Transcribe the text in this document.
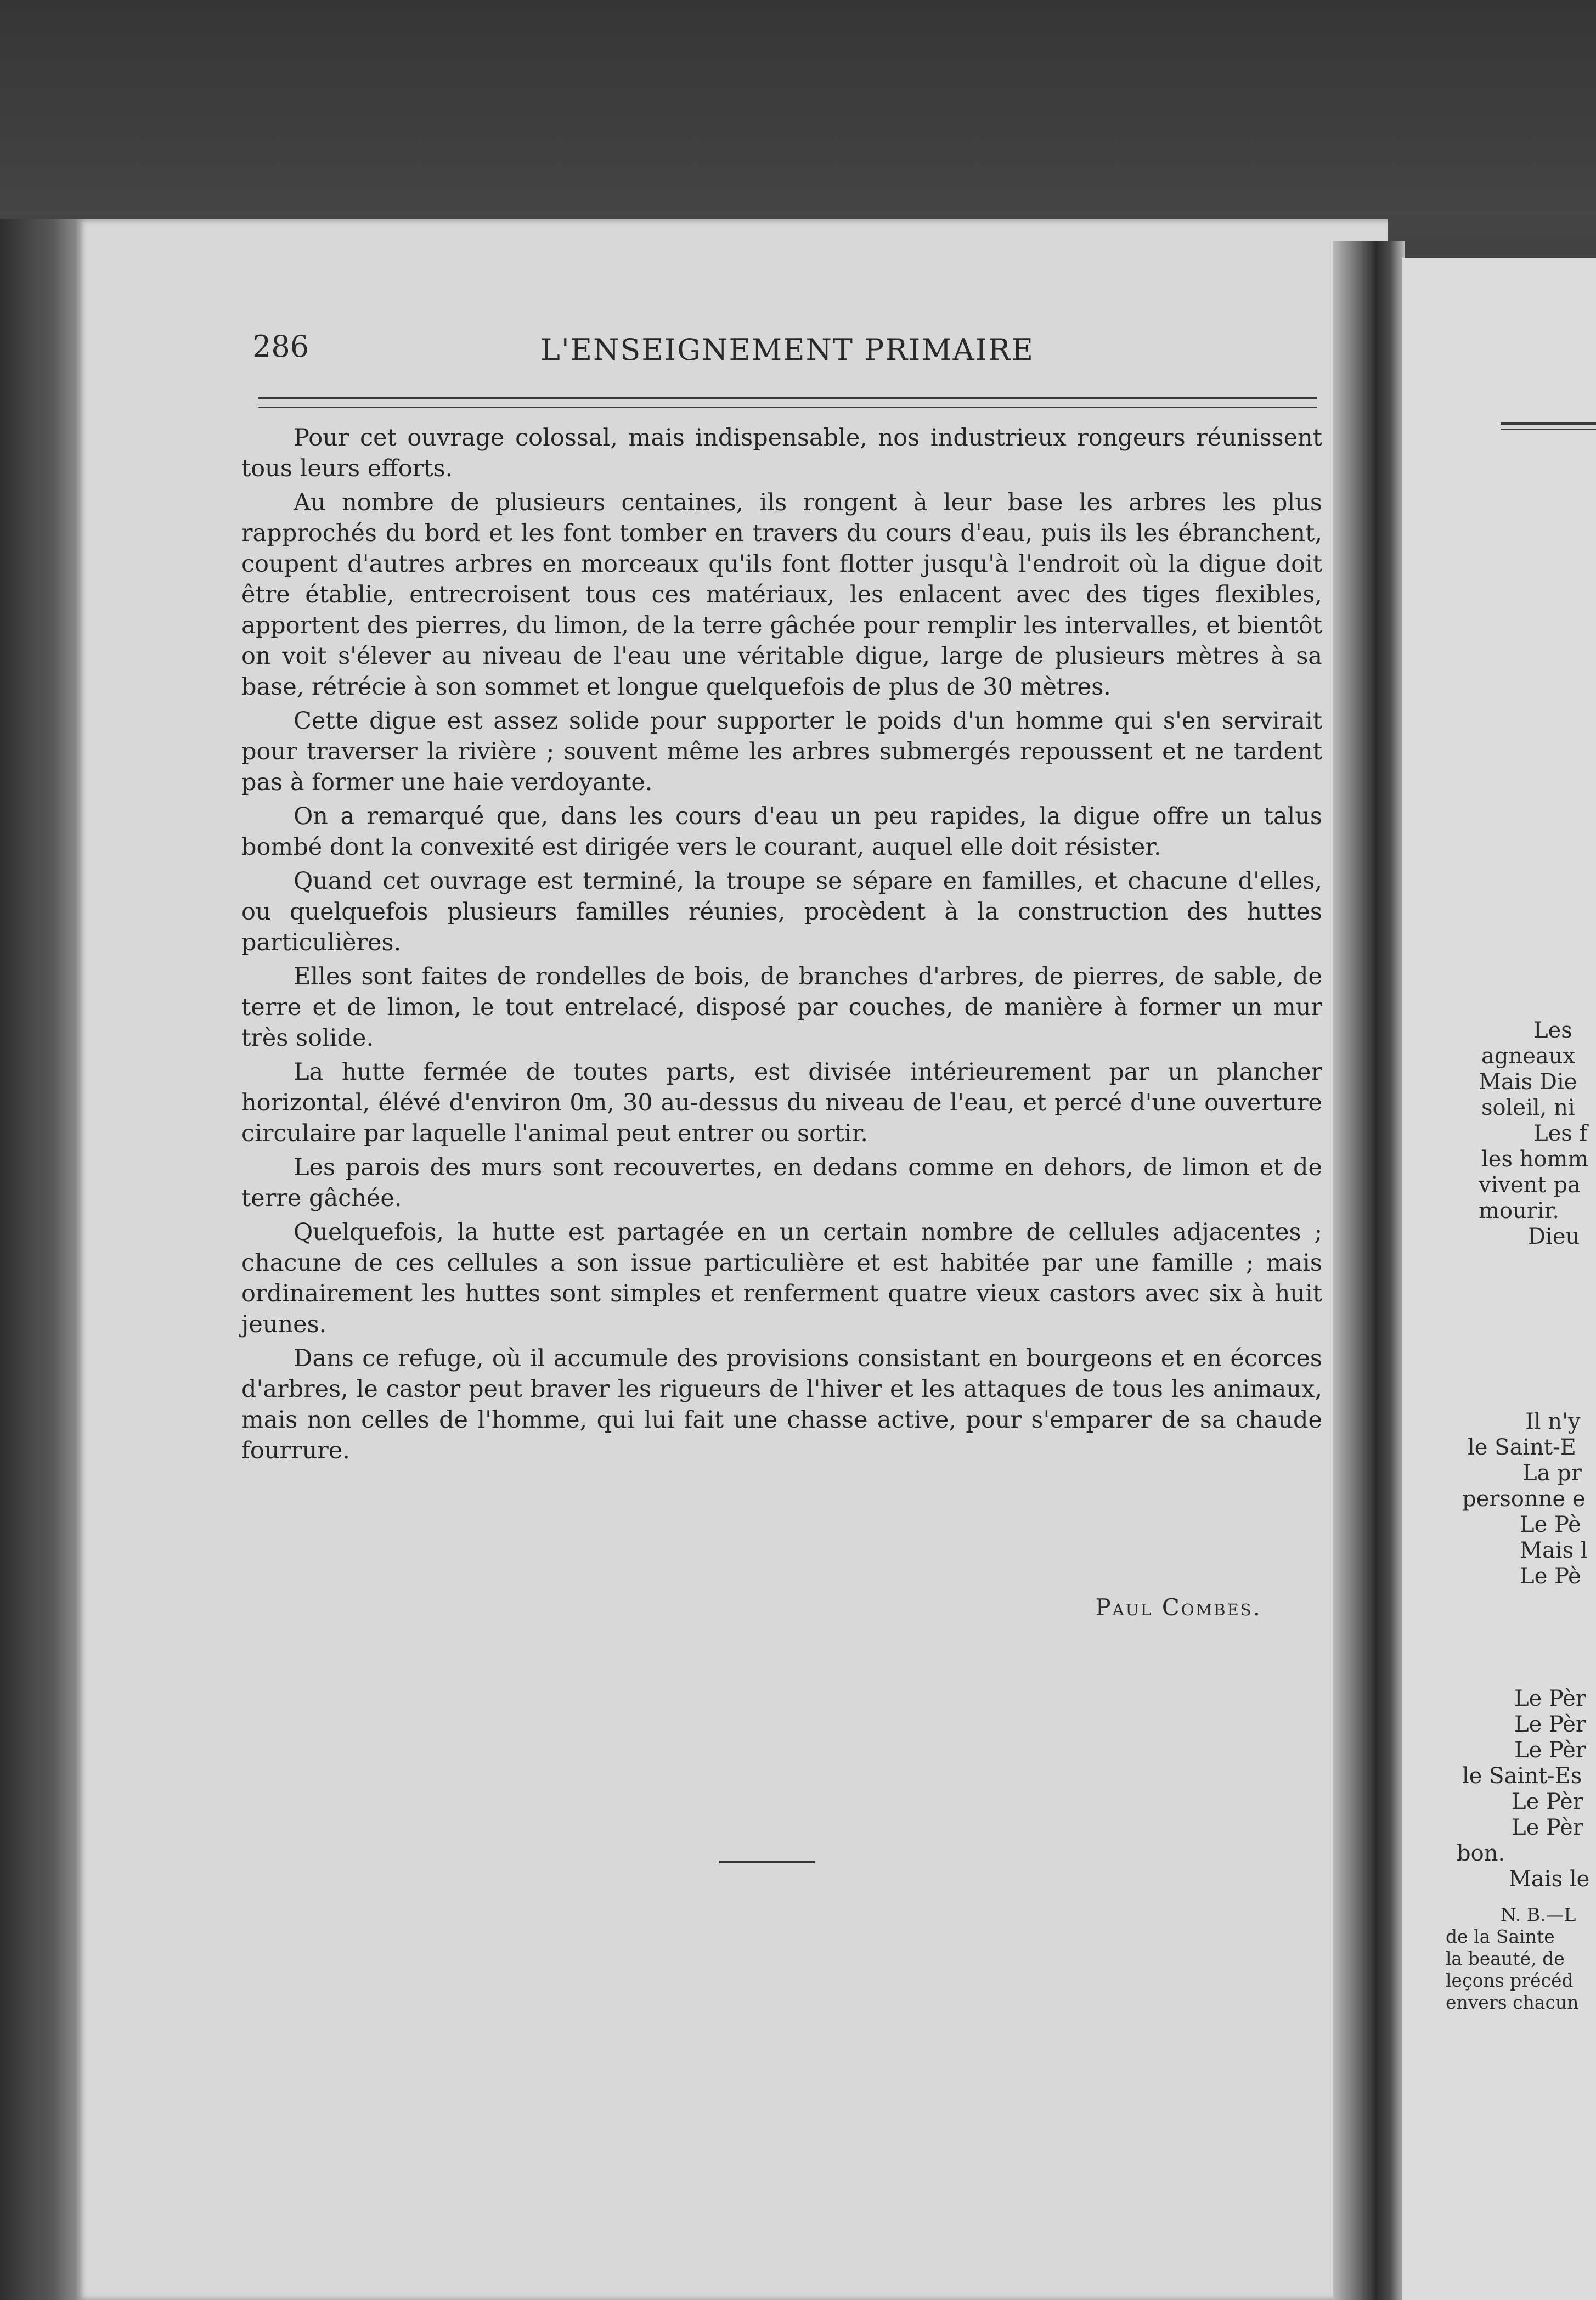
286	L'ENSEIGNEMENT PRIMAIRE

Pour cet ouvrage colossal, mais indispensable, nos industrieux rongeurs réunissent tous leurs efforts.

Au nombre de plusieurs centaines, ils rongent à leur base les arbres les plus rapprochés du bord et les font tomber en travers du cours d'eau, puis ils les ébranchent, coupent d'autres arbres en morceaux qu'ils font flotter jusqu'à l'endroit où la digue doit être établie, entrecroisent tous ces matériaux, les enlacent avec des tiges flexibles, apportent des pierres, du limon, de la terre gâchée pour remplir les intervalles, et bientôt on voit s'élever au niveau de l'eau une véritable digue, large de plusieurs mètres à sa base, rétrécie à son sommet et longue quelquefois de plus de 30 mètres.

Cette digue est assez solide pour supporter le poids d'un homme qui s'en servirait pour traverser la rivière ; souvent même les arbres submergés repoussent et ne tardent pas à former une haie verdoyante.

On a remarqué que, dans les cours d'eau un peu rapides, la digue offre un talus bombé dont la convexité est dirigée vers le courant, auquel elle doit résister.

Quand cet ouvrage est terminé, la troupe se sépare en familles, et chacune d'elles, ou quelquefois plusieurs familles réunies, procèdent à la construction des huttes particulières.

Elles sont faites de rondelles de bois, de branches d'arbres, de pierres, de sable, de terre et de limon, le tout entrelacé, disposé par couches, de manière à former un mur très solide.

La hutte fermée de toutes parts, est divisée intérieurement par un plancher horizontal, élévé d'environ 0m, 30 au-dessus du niveau de l'eau, et percé d'une ouverture circulaire par laquelle l'animal peut entrer ou sortir.

Les parois des murs sont recouvertes, en dedans comme en dehors, de limon et de terre gâchée.

Quelquefois, la hutte est partagée en un certain nombre de cellules adjacentes ; chacune de ces cellules a son issue particulière et est habitée par une famille ; mais ordinairement les huttes sont simples et renferment quatre vieux castors avec six à huit jeunes.

Dans ce refuge, où il accumule des provisions consistant en bourgeons et en écorces d'arbres, le castor peut braver les rigueurs de l'hiver et les attaques de tous les animaux, mais non celles de l'homme, qui lui fait une chasse active, pour s'emparer de sa chaude fourrure.

Paul Combes.
Les
agneaux
Mais Die
soleil, ni
Les f
les homm
vivent pa
mourir.
Dieu
Il n'y
le Saint-E
La pr
personne e
Le Pè
Mais l
Le Pè
Le Pèr
Le Pèr
Le Pèr
le Saint-Es
Le Pèr
Le Pèr
bon.
Mais le
N. B.—L
de la Sainte
la beauté, de
leçons précéd
envers chacun
